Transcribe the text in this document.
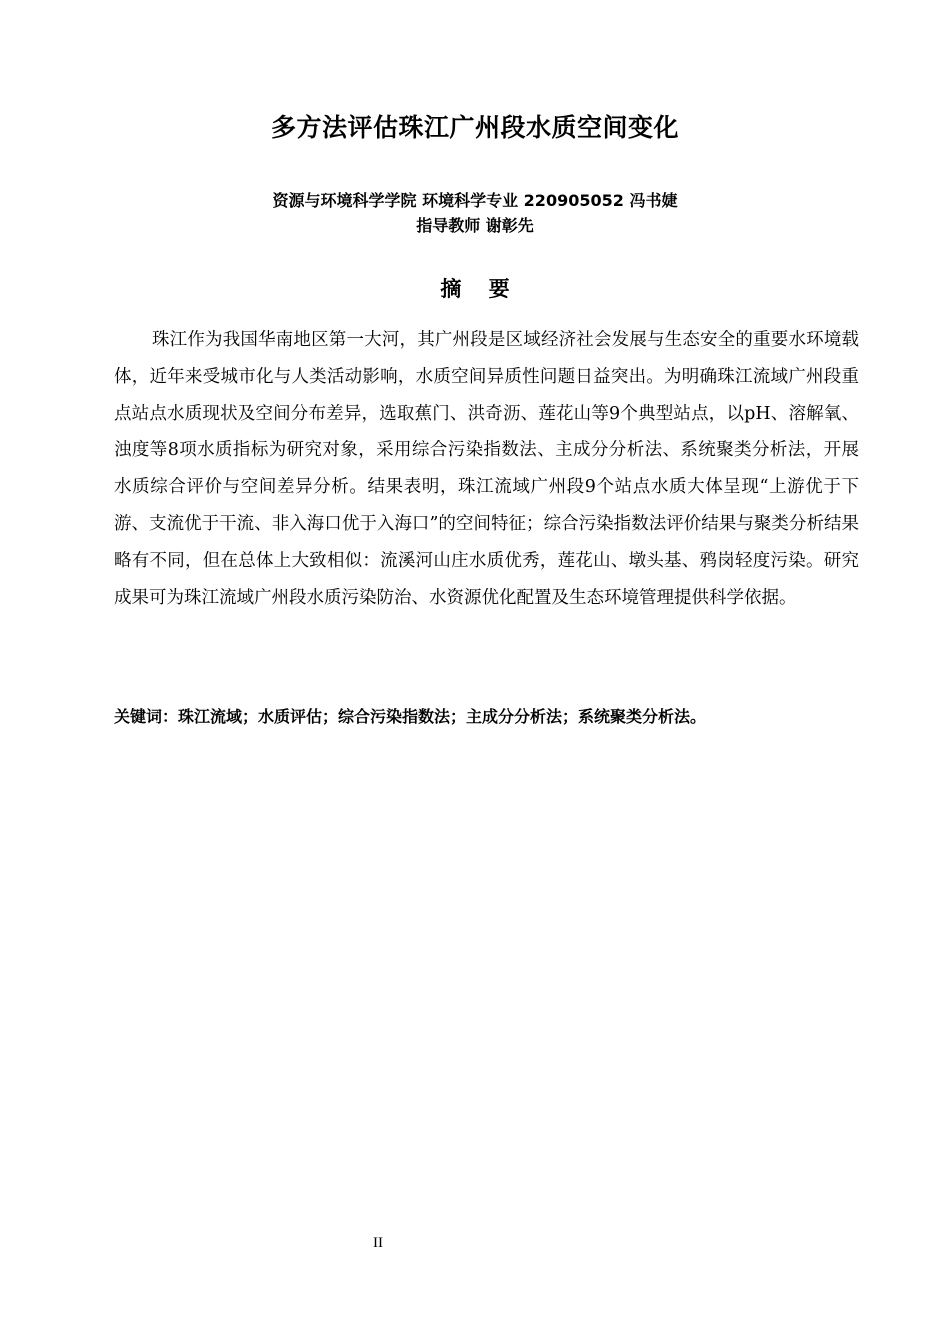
多方法评估珠江广州段水质空间变化
资源与环境科学学院 环境科学专业 220905052 冯书婕
指导教师 谢彰先
摘 要

珠江作为我国华南地区第一大河，其广州段是区域经济社会发展与生态安全的重要水环境载体，近年来受城市化与人类活动影响，水质空间异质性问题日益突出。为明确珠江流域广州段重点站点水质现状及空间分布差异，选取蕉门、洪奇沥、莲花山等9个典型站点，以pH、溶解氧、浊度等8项水质指标为研究对象，采用综合污染指数法、主成分分析法、系统聚类分析法，开展水质综合评价与空间差异分析。结果表明，珠江流域广州段9个站点水质大体呈现“上游优于下游、支流优于干流、非入海口优于入海口”的空间特征；综合污染指数法评价结果与聚类分析结果略有不同，但在总体上大致相似：流溪河山庄水质优秀，莲花山、墩头基、鸦岗轻度污染。研究成果可为珠江流域广州段水质污染防治、水资源优化配置及生态环境管理提供科学依据。

关键词：珠江流域；水质评估；综合污染指数法；主成分分析法；系统聚类分析法。
II
